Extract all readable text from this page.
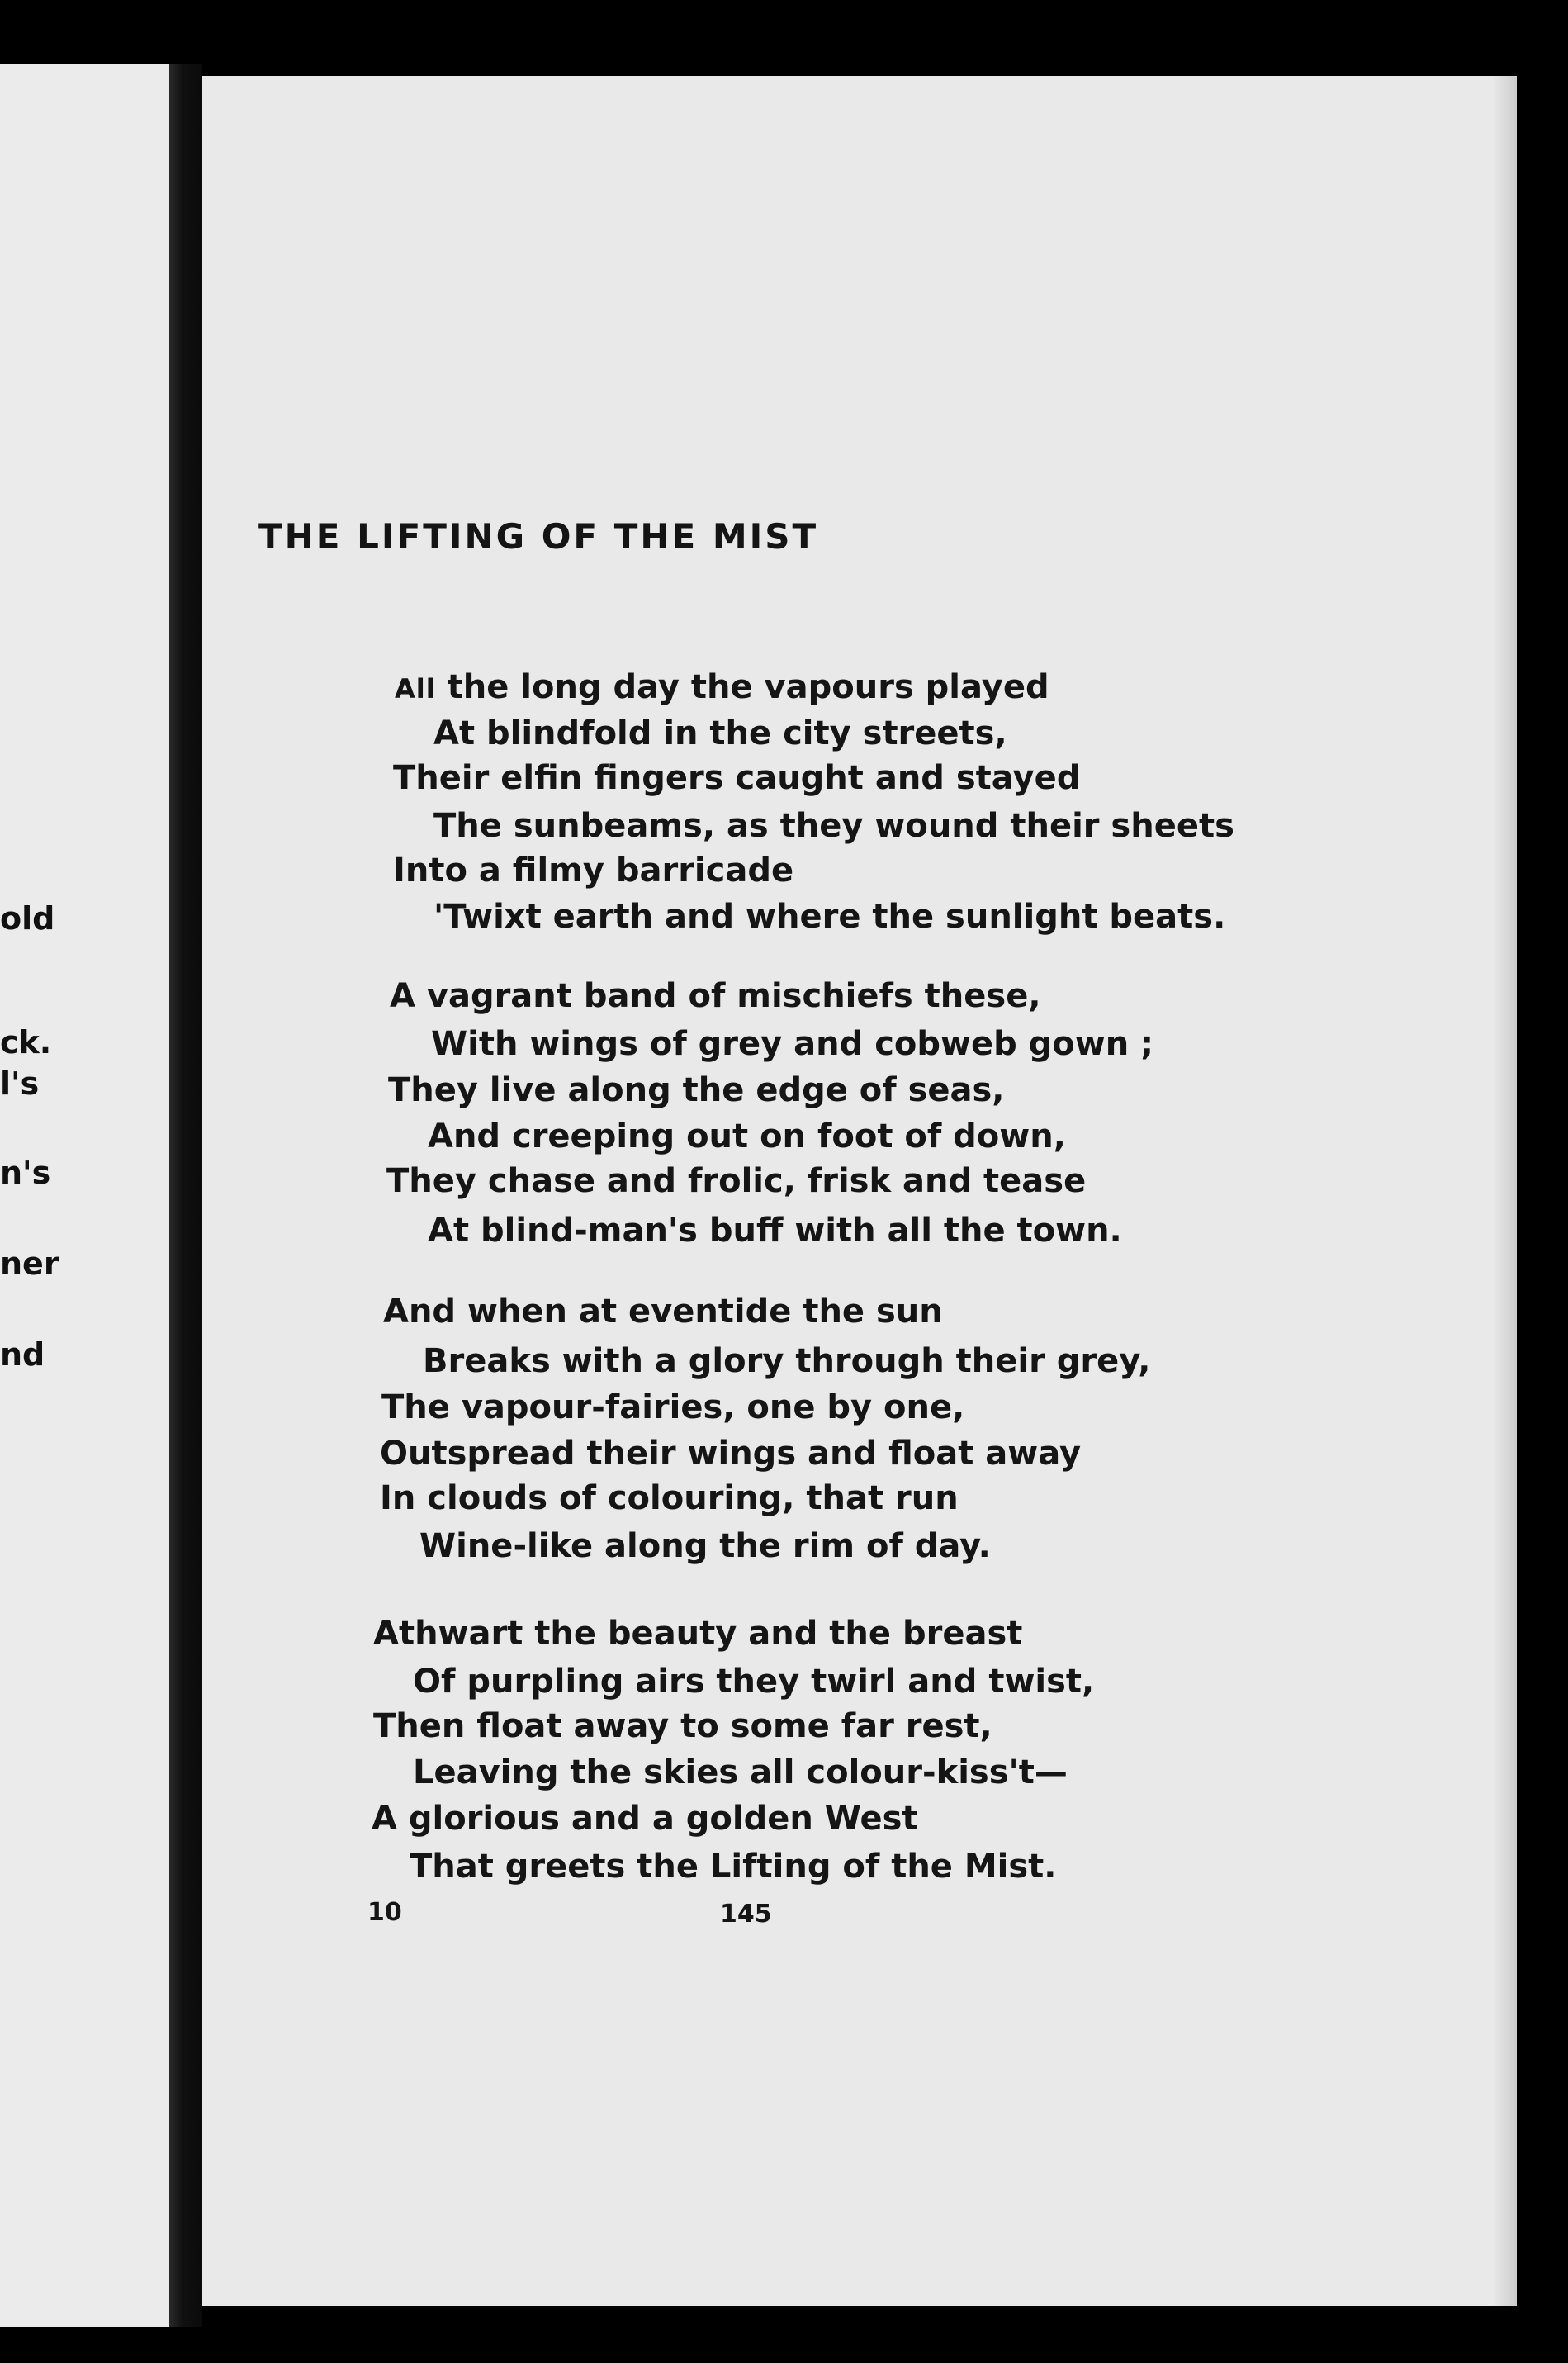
old
ck.
l's
n's
ner
nd
THE LIFTING OF THE MIST
All the long day the vapours played
At blindfold in the city streets,
Their elfin fingers caught and stayed
The sunbeams, as they wound their sheets
Into a filmy barricade
'Twixt earth and where the sunlight beats.
A vagrant band of mischiefs these,
With wings of grey and cobweb gown ;
They live along the edge of seas,
And creeping out on foot of down,
They chase and frolic, frisk and tease
At blind-man's buff with all the town.
And when at eventide the sun
Breaks with a glory through their grey,
The vapour-fairies, one by one,
Outspread their wings and float away
In clouds of colouring, that run
Wine-like along the rim of day.
Athwart the beauty and the breast
Of purpling airs they twirl and twist,
Then float away to some far rest,
Leaving the skies all colour-kiss't—
A glorious and a golden West
That greets the Lifting of the Mist.
10	145
